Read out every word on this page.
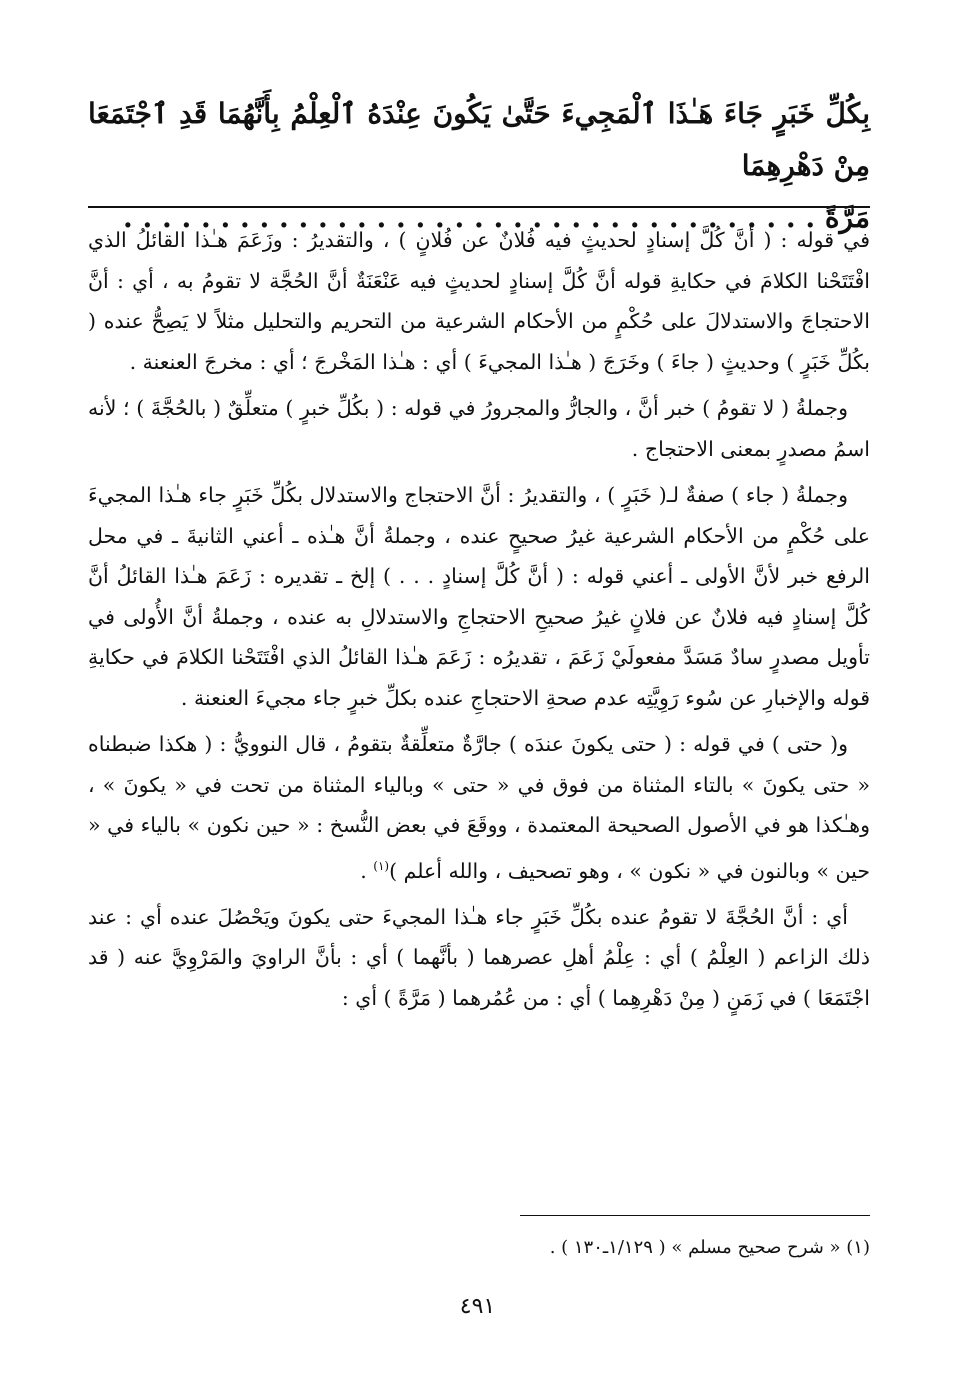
بِكُلِّ خَبَرٍ جَاءَ هَـٰذَا ٱلْمَجِيءَ حَتَّىٰ يَكُونَ عِنْدَهُ ٱلْعِلْمُ بِأَنَّهُمَا قَدِ ٱجْتَمَعَا مِنْ دَهْرِهِمَا
مَرَّةً . . . . . . . . . . . . . . . . . . . . . . . . . . . . . . . . . . . .

في قوله : ( أنَّ كُلَّ إسنادٍ لحديثٍ فيه فُلانٌ عن فُلانٍ ) ، والتقديرُ : وزَعَمَ هـٰذا القائلُ الذي افْتَتَحْنا الكلامَ في حكايةِ قوله أنَّ كُلَّ إسنادٍ لحديثٍ فيه عَنْعَنَةٌ أنَّ الحُجَّة لا تقومُ به ، أي : أنَّ الاحتجاجَ والاستدلالَ على حُكْمٍ من الأحكام الشرعية من التحريم والتحليل مثلاً لا يَصِحُّ عنده ( بكُلِّ خَبَرٍ ) وحديثٍ ( جاءَ ) وخَرَجَ ( هـٰذا المجيءَ ) أي : هـٰذا المَخْرجَ ؛ أي : مخرجَ العنعنة .

وجملةُ ( لا تقومُ ) خبر أنَّ ، والجارُّ والمجرورُ في قوله : ( بكُلِّ خبرٍ ) متعلِّقٌ ( بالحُجَّةَ ) ؛ لأنه اسمُ مصدرٍ بمعنى الاحتجاج .

وجملةُ ( جاء ) صفةٌ لـ( خَبَرٍ ) ، والتقديرُ : أنَّ الاحتجاج والاستدلال بكُلِّ خَبَرٍ جاء هـٰذا المجيءَ على حُكْمٍ من الأحكام الشرعية غيرُ صحيحٍ عنده ، وجملةُ أنَّ هـٰذه ـ أعني الثانيةَ ـ في محل الرفع خبر لأنَّ الأولى ـ أعني قوله : ( أنَّ كُلَّ إسنادٍ . . . ) إلخ ـ تقديره : زَعَمَ هـٰذا القائلُ أنَّ كُلَّ إسنادٍ فيه فلانٌ عن فلانٍ غيرُ صحيحِ الاحتجاجِ والاستدلالِ به عنده ، وجملةُ أنَّ الأُولى في تأويل مصدرٍ سادٌ مَسَدَّ مفعولَيْ زَعَمَ ، تقديرُه : زَعَمَ هـٰذا القائلُ الذي افْتَتَحْنا الكلامَ في حكايةِ قوله والإخبارِ عن سُوء رَوِيَّتِه عدم صحةِ الاحتجاجِ عنده بكلِّ خبرٍ جاء مجيءَ العنعنة .

و( حتى ) في قوله : ( حتى يكونَ عندَه ) جارَّةٌ متعلِّقةٌ بتقومُ ، قال النوويُّ : ( هكذا ضبطناه « حتى يكونَ » بالتاء المثناة من فوق في « حتى » وبالياء المثناة من تحت في « يكونَ » ، وهـٰكذا هو في الأصول الصحيحة المعتمدة ، ووقَعَ في بعض النُّسخ : « حين نكون » بالياء في « حين » وبالنون في « نكون » ، وهو تصحيف ، والله أعلم )$^{(١)}$ .

أي : أنَّ الحُجَّةَ لا تقومُ عنده بكُلِّ خَبَرٍ جاء هـٰذا المجيءَ حتى يكونَ ويَحْصُلَ عنده أي : عند ذلك الزاعم ( العِلْمُ ) أي : عِلْمُ أهلِ عصرهما ( بأنَّهما ) أي : بأنَّ الراويَ والمَرْوِيَّ عنه ( قد اجْتَمَعَا ) في زَمَنٍ ( مِنْ دَهْرِهِما ) أي : من عُمُرهما ( مَرَّةً ) أي :

(١) « شرح صحيح مسلم » ( ١/١٢٩ـ١٣٠ ) .
٤٩١
